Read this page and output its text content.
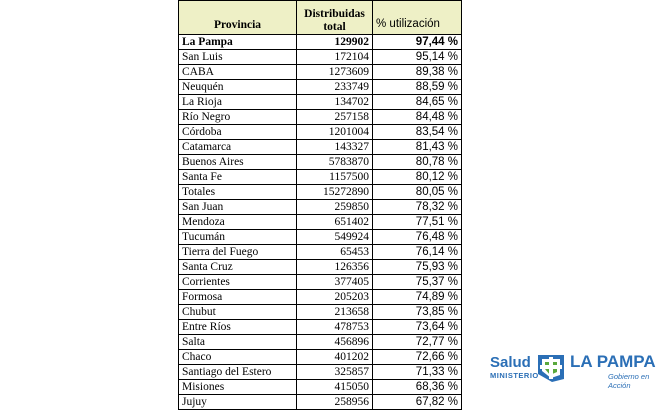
Provincia	Distribuidas total	% utilización
La Pampa	129902	97,44 %
San Luis	172104	95,14 %
CABA	1273609	89,38 %
Neuquén	233749	88,59 %
La Rioja	134702	84,65 %
Río Negro	257158	84,48 %
Córdoba	1201004	83,54 %
Catamarca	143327	81,43 %
Buenos Aires	5783870	80,78 %
Santa Fe	1157500	80,12 %
Totales	15272890	80,05 %
San Juan	259850	78,32 %
Mendoza	651402	77,51 %
Tucumán	549924	76,48 %
Tierra del Fuego	65453	76,14 %
Santa Cruz	126356	75,93 %
Corrientes	377405	75,37 %
Formosa	205203	74,89 %
Chubut	213658	73,85 %
Entre Ríos	478753	73,64 %
Salta	456896	72,77 %
Chaco	401202	72,66 %
Santiago del Estero	325857	71,33 %
Misiones	415050	68,36 %
Jujuy	258956	67,82 %
Salud
MINISTERIO
LA PAMPA
Gobierno en Acción
